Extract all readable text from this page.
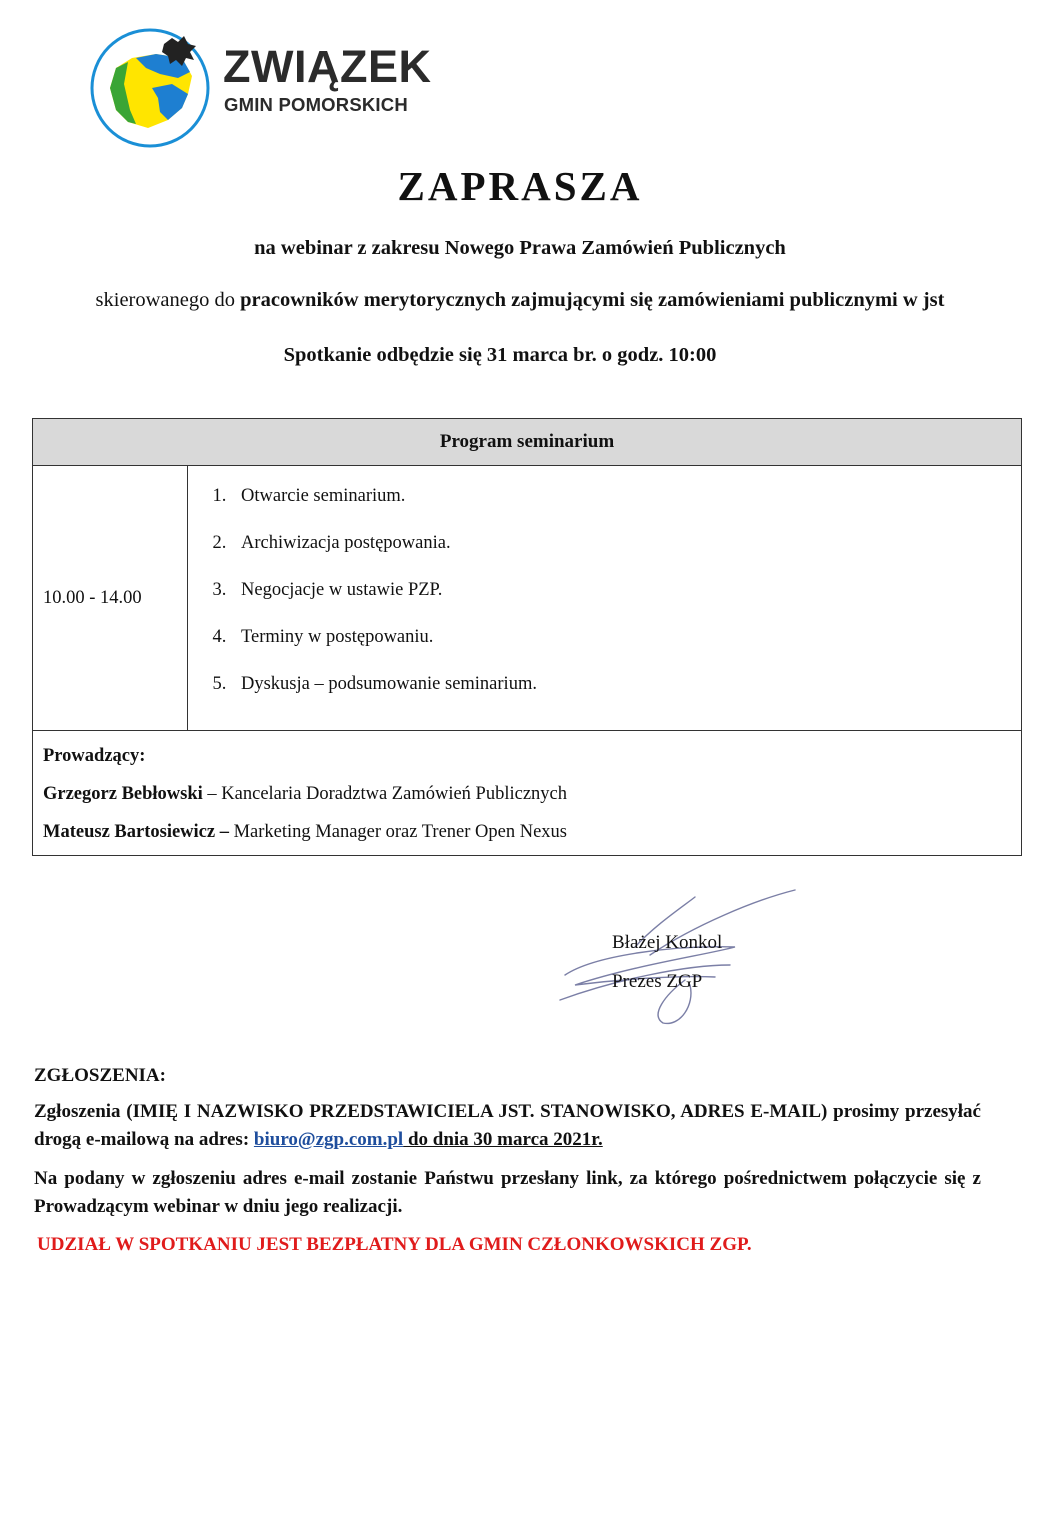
ZWIĄZEK
GMIN POMORSKICH
ZAPRASZA
na webinar z zakresu Nowego Prawa Zamówień Publicznych
skierowanego do pracowników merytorycznych zajmującymi się zamówieniami publicznymi w jst
Spotkanie odbędzie się 31 marca br. o godz. 10:00
Program seminarium
10.00 - 14.00	
1. Otwarcie seminarium.
2. Archiwizacja postępowania.
3. Negocjacje w ustawie PZP.
4. Terminy w postępowaniu.
5. Dyskusja – podsumowanie seminarium.

Prowadzący:
Grzegorz Bebłowski – Kancelaria Doradztwa Zamówień Publicznych
Mateusz Bartosiewicz – Marketing Manager oraz Trener Open Nexus
Błażej Konkol
Prezes ZGP
ZGŁOSZENIA:
Zgłoszenia (IMIĘ I NAZWISKO PRZEDSTAWICIELA JST. STANOWISKO, ADRES E-MAIL) prosimy przesyłać drogą e-mailową na adres: biuro@zgp.com.pl do dnia 30 marca 2021r.
Na podany w zgłoszeniu adres e-mail zostanie Państwu przesłany link, za którego pośrednictwem połączycie się z Prowadzącym webinar w dniu jego realizacji.
UDZIAŁ W SPOTKANIU JEST BEZPŁATNY DLA GMIN CZŁONKOWSKICH ZGP.
